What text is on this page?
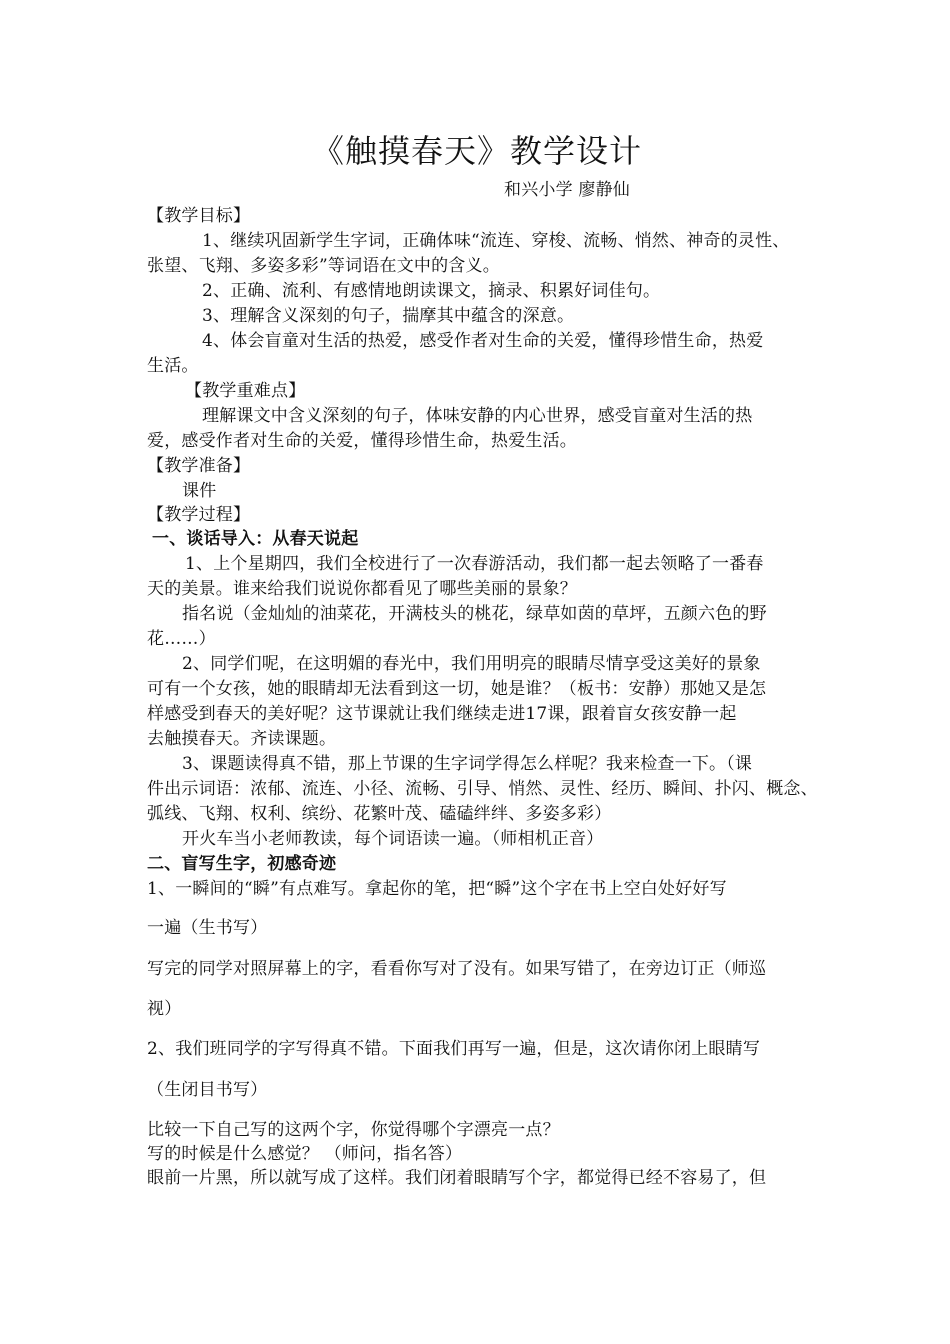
《触摸春天》教学设计
和兴小学 廖静仙
【教学目标】
1、继续巩固新学生字词，正确体味“流连、穿梭、流畅、悄然、神奇的灵性、
张望、飞翔、多姿多彩”等词语在文中的含义。
2、正确、流利、有感情地朗读课文，摘录、积累好词佳句。
3、理解含义深刻的句子，揣摩其中蕴含的深意。
4、体会盲童对生活的热爱，感受作者对生命的关爱，懂得珍惜生命，热爱
生活。
【教学重难点】
理解课文中含义深刻的句子，体味安静的内心世界，感受盲童对生活的热
爱，感受作者对生命的关爱，懂得珍惜生命，热爱生活。
【教学准备】
课件
【教学过程】
一、谈话导入：从春天说起
1、上个星期四，我们全校进行了一次春游活动，我们都一起去领略了一番春
天的美景。谁来给我们说说你都看见了哪些美丽的景象？
指名说（金灿灿的油菜花，开满枝头的桃花，绿草如茵的草坪，五颜六色的野
花……）
2、同学们呢，在这明媚的春光中，我们用明亮的眼睛尽情享受这美好的景象
可有一个女孩，她的眼睛却无法看到这一切，她是谁？（板书：安静）那她又是怎
样感受到春天的美好呢？这节课就让我们继续走进17课，跟着盲女孩安静一起
去触摸春天。齐读课题。
3、课题读得真不错，那上节课的生字词学得怎么样呢？我来检查一下。（课
件出示词语：浓郁、流连、小径、流畅、引导、悄然、灵性、经历、瞬间、扑闪、概念、
弧线、飞翔、权利、缤纷、花繁叶茂、磕磕绊绊、多姿多彩）
开火车当小老师教读，每个词语读一遍。（师相机正音）
二、盲写生字，初感奇迹
1、一瞬间的“瞬”有点难写。拿起你的笔，把“瞬”这个字在书上空白处好好写
一遍（生书写）
写完的同学对照屏幕上的字，看看你写对了没有。如果写错了，在旁边订正（师巡
视）
2、我们班同学的字写得真不错。下面我们再写一遍，但是，这次请你闭上眼睛写
（生闭目书写）
比较一下自己写的这两个字，你觉得哪个字漂亮一点？
写的时候是什么感觉？ （师问，指名答）
眼前一片黑，所以就写成了这样。我们闭着眼睛写个字，都觉得已经不容易了，但
